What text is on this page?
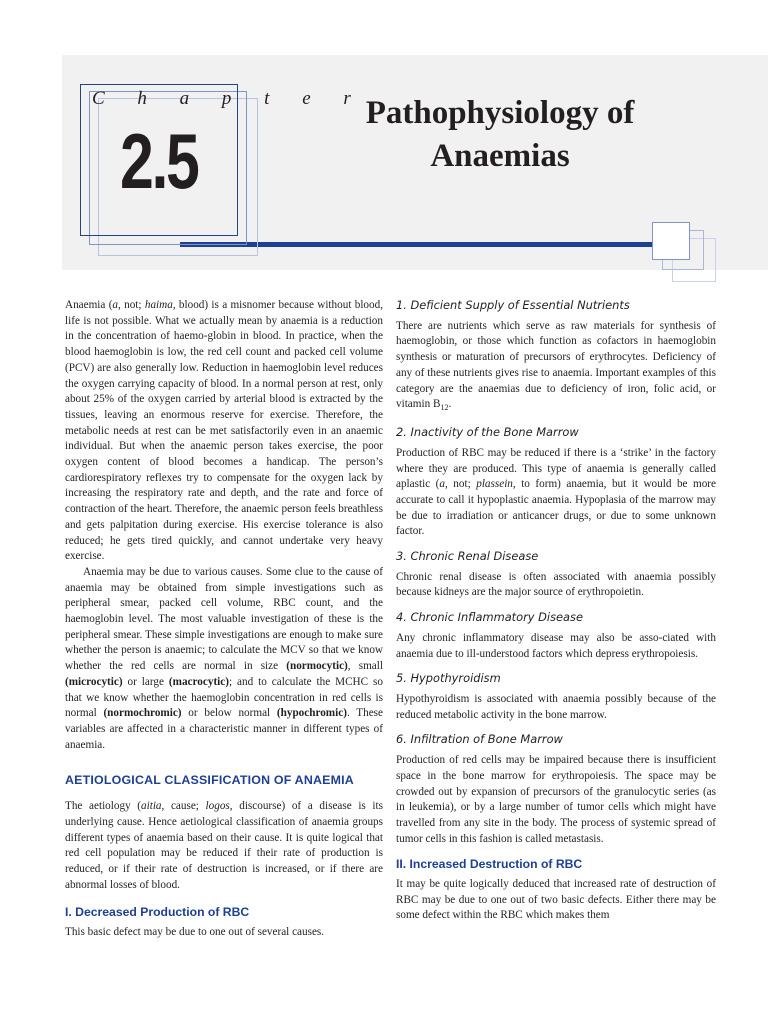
C h a p t e r
2.5
Pathophysiology of
Anaemias

Anaemia (a, not; haima, blood) is a misnomer because without blood, life is not possible. What we actually mean by anaemia is a reduction in the concentration of haemo-globin in blood. In practice, when the blood haemoglobin is low, the red cell count and packed cell volume (PCV) are also generally low. Reduction in haemoglobin level reduces the oxygen carrying capacity of blood. In a normal person at rest, only about 25% of the oxygen carried by arterial blood is extracted by the tissues, leaving an enormous reserve for exercise. Therefore, the metabolic needs at rest can be met satisfactorily even in an anaemic individual. But when the anaemic person takes exercise, the poor oxygen content of blood becomes a handicap. The person’s cardiorespiratory reflexes try to compensate for the oxygen lack by increasing the respiratory rate and depth, and the rate and force of contraction of the heart. Therefore, the anaemic person feels breathless and gets palpitation during exercise. His exercise tolerance is also reduced; he gets tired quickly, and cannot undertake very heavy exercise.

Anaemia may be due to various causes. Some clue to the cause of anaemia may be obtained from simple investigations such as peripheral smear, packed cell volume, RBC count, and the haemoglobin level. The most valuable investigation of these is the peripheral smear. These simple investigations are enough to make sure whether the person is anaemic; to calculate the MCV so that we know whether the red cells are normal in size (normocytic), small (microcytic) or large (macrocytic); and to calculate the MCHC so that we know whether the haemoglobin concentration in red cells is normal (normochromic) or below normal (hypochromic). These variables are affected in a characteristic manner in different types of anaemia.

AETIOLOGICAL CLASSIFICATION OF ANAEMIA

The aetiology (aitia, cause; logos, discourse) of a disease is its underlying cause. Hence aetiological classification of anaemia groups different types of anaemia based on their cause. It is quite logical that red cell population may be reduced if their rate of production is reduced, or if their rate of destruction is increased, or if there are abnormal losses of blood.

I. Decreased Production of RBC

This basic defect may be due to one out of several causes.

1. Deficient Supply of Essential Nutrients

There are nutrients which serve as raw materials for synthesis of haemoglobin, or those which function as cofactors in haemoglobin synthesis or maturation of precursors of erythrocytes. Deficiency of any of these nutrients gives rise to anaemia. Important examples of this category are the anaemias due to deficiency of iron, folic acid, or vitamin $B_{12}$.

2. Inactivity of the Bone Marrow

Production of RBC may be reduced if there is a ‘strike’ in the factory where they are produced. This type of anaemia is generally called aplastic (a, not; plassein, to form) anaemia, but it would be more accurate to call it hypoplastic anaemia. Hypoplasia of the marrow may be due to irradiation or anticancer drugs, or due to some unknown factor.

3. Chronic Renal Disease

Chronic renal disease is often associated with anaemia possibly because kidneys are the major source of erythropoietin.

4. Chronic Inflammatory Disease

Any chronic inflammatory disease may also be asso-ciated with anaemia due to ill-understood factors which depress erythropoiesis.

5. Hypothyroidism

Hypothyroidism is associated with anaemia possibly because of the reduced metabolic activity in the bone marrow.

6. Infiltration of Bone Marrow

Production of red cells may be impaired because there is insufficient space in the bone marrow for erythropoiesis. The space may be crowded out by expansion of precursors of the granulocytic series (as in leukemia), or by a large number of tumor cells which might have travelled from any site in the body. The process of systemic spread of tumor cells in this fashion is called metastasis.

II. Increased Destruction of RBC

It may be quite logically deduced that increased rate of destruction of RBC may be due to one out of two basic defects. Either there may be some defect within the RBC which makes them
